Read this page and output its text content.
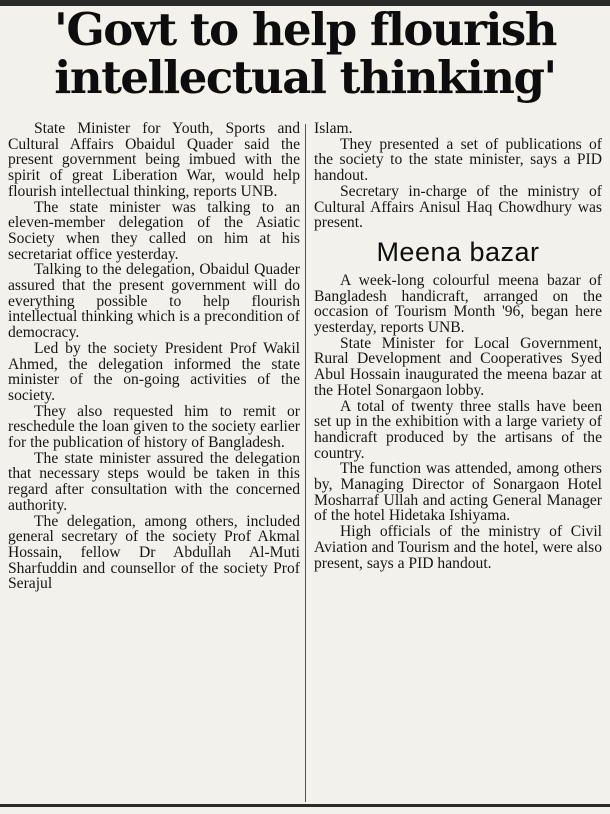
'Govt to help flourish
intellectual thinking'

State Minister for Youth, Sports and Cultural Affairs Obaidul Quader said the present government being imbued with the spirit of great Liberation War, would help flourish intellectual thinking, reports UNB.

The state minister was talking to an eleven-member delegation of the Asiatic Society when they called on him at his secretariat office yesterday.

Talking to the delegation, Obaidul Quader assured that the present government will do everything possible to help flourish intellectual thinking which is a precondition of democracy.

Led by the society President Prof Wakil Ahmed, the delegation informed the state minister of the on-going activities of the society.

They also requested him to remit or reschedule the loan given to the society earlier for the publication of history of Bangladesh.

The state minister assured the delegation that necessary steps would be taken in this regard after consultation with the concerned authority.

The delegation, among others, included general secretary of the society Prof Akmal Hossain, fellow Dr Abdullah Al-Muti Sharfuddin and counsellor of the society Prof Serajul

Islam.

They presented a set of publications of the society to the state minister, says a PID handout.

Secretary in-charge of the ministry of Cultural Affairs Anisul Haq Chowdhury was present.

Meena bazar

A week-long colourful meena bazar of Bangladesh handicraft, arranged on the occasion of Tourism Month '96, began here yesterday, reports UNB.

State Minister for Local Government, Rural Development and Cooperatives Syed Abul Hossain inaugurated the meena bazar at the Hotel Sonargaon lobby.

A total of twenty three stalls have been set up in the exhibition with a large variety of handicraft produced by the artisans of the country.

The function was attended, among others by, Managing Director of Sonargaon Hotel Mosharraf Ullah and acting General Manager of the hotel Hidetaka Ishiyama.

High officials of the ministry of Civil Aviation and Tourism and the hotel, were also present, says a PID handout.
